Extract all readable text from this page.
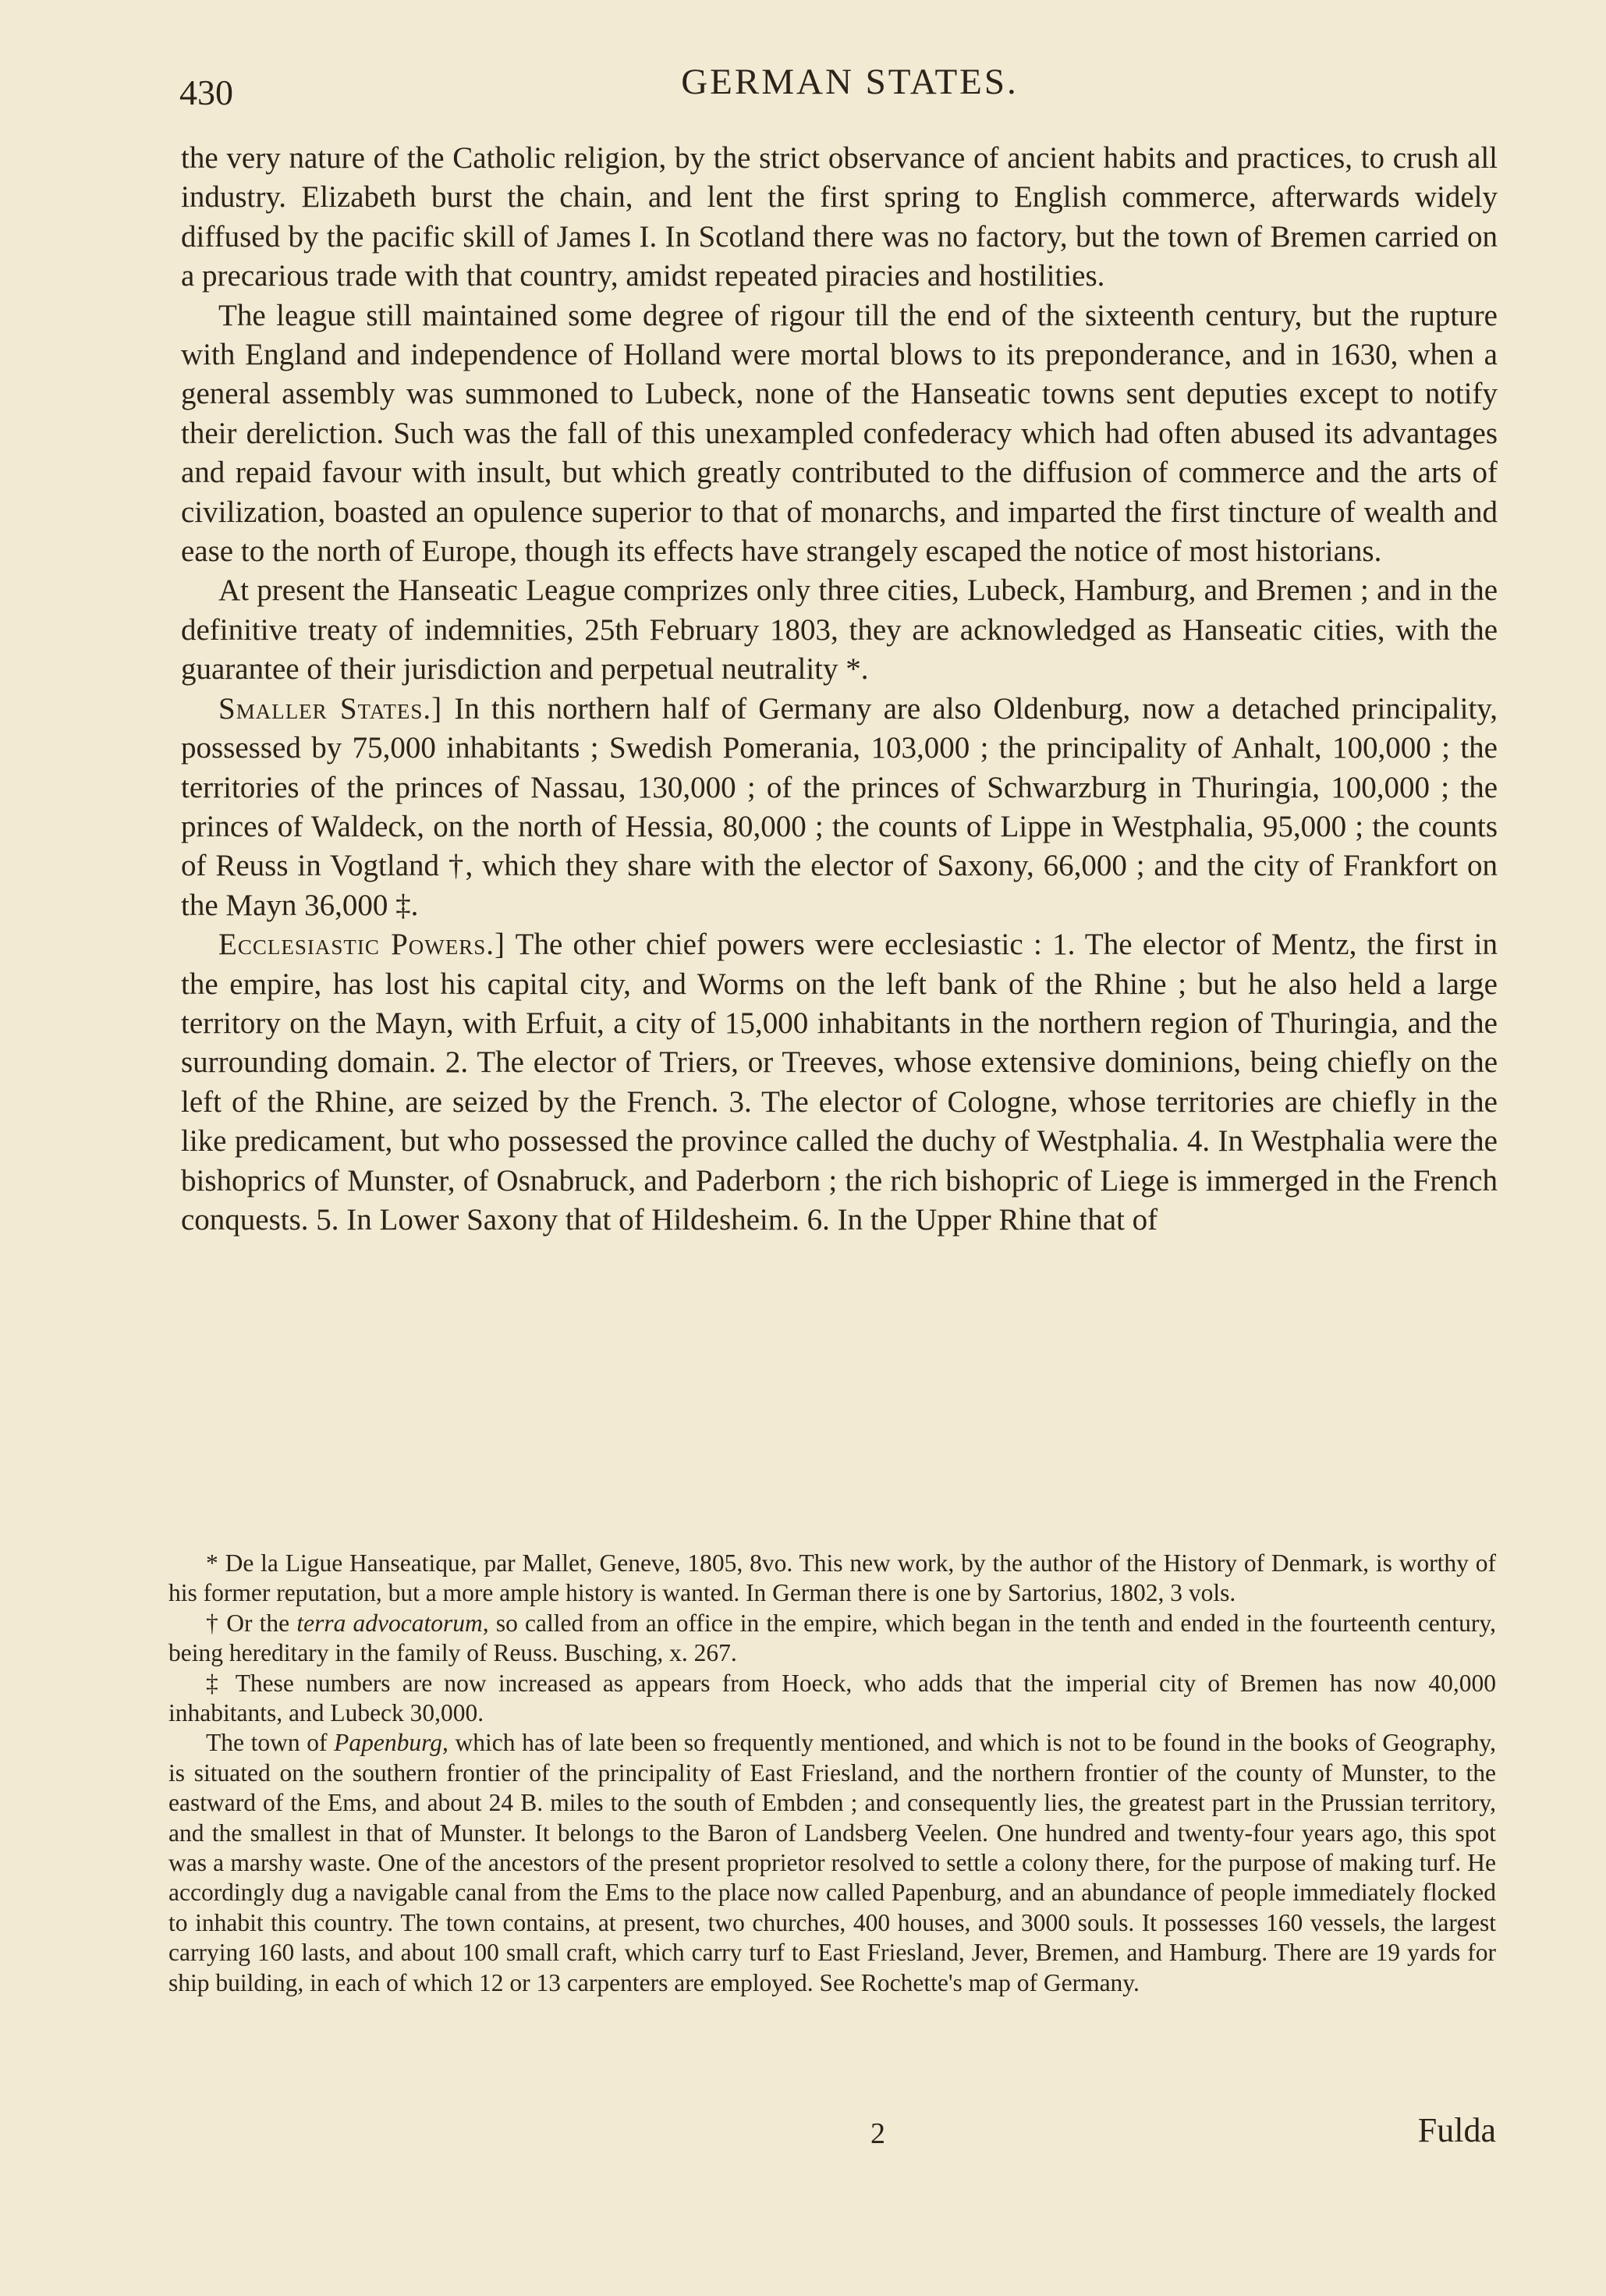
430	GERMAN STATES.

the very nature of the Catholic religion, by the strict observance of ancient habits and practices, to crush all industry. Elizabeth burst the chain, and lent the first spring to English commerce, afterwards widely diffused by the pacific skill of James I. In Scotland there was no factory, but the town of Bremen carried on a precarious trade with that country, amidst repeated piracies and hostilities.

The league still maintained some degree of rigour till the end of the sixteenth century, but the rupture with England and independence of Holland were mortal blows to its preponderance, and in 1630, when a general assembly was summoned to Lubeck, none of the Hanseatic towns sent deputies except to notify their dereliction. Such was the fall of this unexampled confederacy which had often abused its advantages and repaid favour with insult, but which greatly contributed to the diffusion of commerce and the arts of civilization, boasted an opulence superior to that of monarchs, and imparted the first tincture of wealth and ease to the north of Europe, though its effects have strangely escaped the notice of most historians.

At present the Hanseatic League comprizes only three cities, Lubeck, Hamburg, and Bremen ; and in the definitive treaty of indemnities, 25th February 1803, they are acknowledged as Hanseatic cities, with the guarantee of their jurisdiction and perpetual neutrality *.

Smaller States.] In this northern half of Germany are also Oldenburg, now a detached principality, possessed by 75,000 inhabitants ; Swedish Pomerania, 103,000 ; the principality of Anhalt, 100,000 ; the territories of the princes of Nassau, 130,000 ; of the princes of Schwarzburg in Thuringia, 100,000 ; the princes of Waldeck, on the north of Hessia, 80,000 ; the counts of Lippe in Westphalia, 95,000 ; the counts of Reuss in Vogtland †, which they share with the elector of Saxony, 66,000 ; and the city of Frankfort on the Mayn 36,000 ‡.

Ecclesiastic Powers.] The other chief powers were ecclesiastic : 1. The elector of Mentz, the first in the empire, has lost his capital city, and Worms on the left bank of the Rhine ; but he also held a large territory on the Mayn, with Erfuit, a city of 15,000 inhabitants in the northern region of Thuringia, and the surrounding domain. 2. The elector of Triers, or Treeves, whose extensive dominions, being chiefly on the left of the Rhine, are seized by the French. 3. The elector of Cologne, whose territories are chiefly in the like predicament, but who possessed the province called the duchy of Westphalia. 4. In Westphalia were the bishoprics of Munster, of Osnabruck, and Paderborn ; the rich bishopric of Liege is immerged in the French conquests. 5. In Lower Saxony that of Hildesheim. 6. In the Upper Rhine that of

* De la Ligue Hanseatique, par Mallet, Geneve, 1805, 8vo. This new work, by the author of the History of Denmark, is worthy of his former reputation, but a more ample history is wanted. In German there is one by Sartorius, 1802, 3 vols.

† Or the terra advocatorum, so called from an office in the empire, which began in the tenth and ended in the fourteenth century, being hereditary in the family of Reuss. Busching, x. 267.

‡ These numbers are now increased as appears from Hoeck, who adds that the imperial city of Bremen has now 40,000 inhabitants, and Lubeck 30,000.

The town of Papenburg, which has of late been so frequently mentioned, and which is not to be found in the books of Geography, is situated on the southern frontier of the principality of East Friesland, and the northern frontier of the county of Munster, to the eastward of the Ems, and about 24 B. miles to the south of Embden ; and consequently lies, the greatest part in the Prussian territory, and the smallest in that of Munster. It belongs to the Baron of Landsberg Veelen. One hundred and twenty-four years ago, this spot was a marshy waste. One of the ancestors of the present proprietor resolved to settle a colony there, for the purpose of making turf. He accordingly dug a navigable canal from the Ems to the place now called Papenburg, and an abundance of people immediately flocked to inhabit this country. The town contains, at present, two churches, 400 houses, and 3000 souls. It possesses 160 vessels, the largest carrying 160 lasts, and about 100 small craft, which carry turf to East Friesland, Jever, Bremen, and Hamburg. There are 19 yards for ship building, in each of which 12 or 13 carpenters are employed. See Rochette's map of Germany.

2	Fulda
